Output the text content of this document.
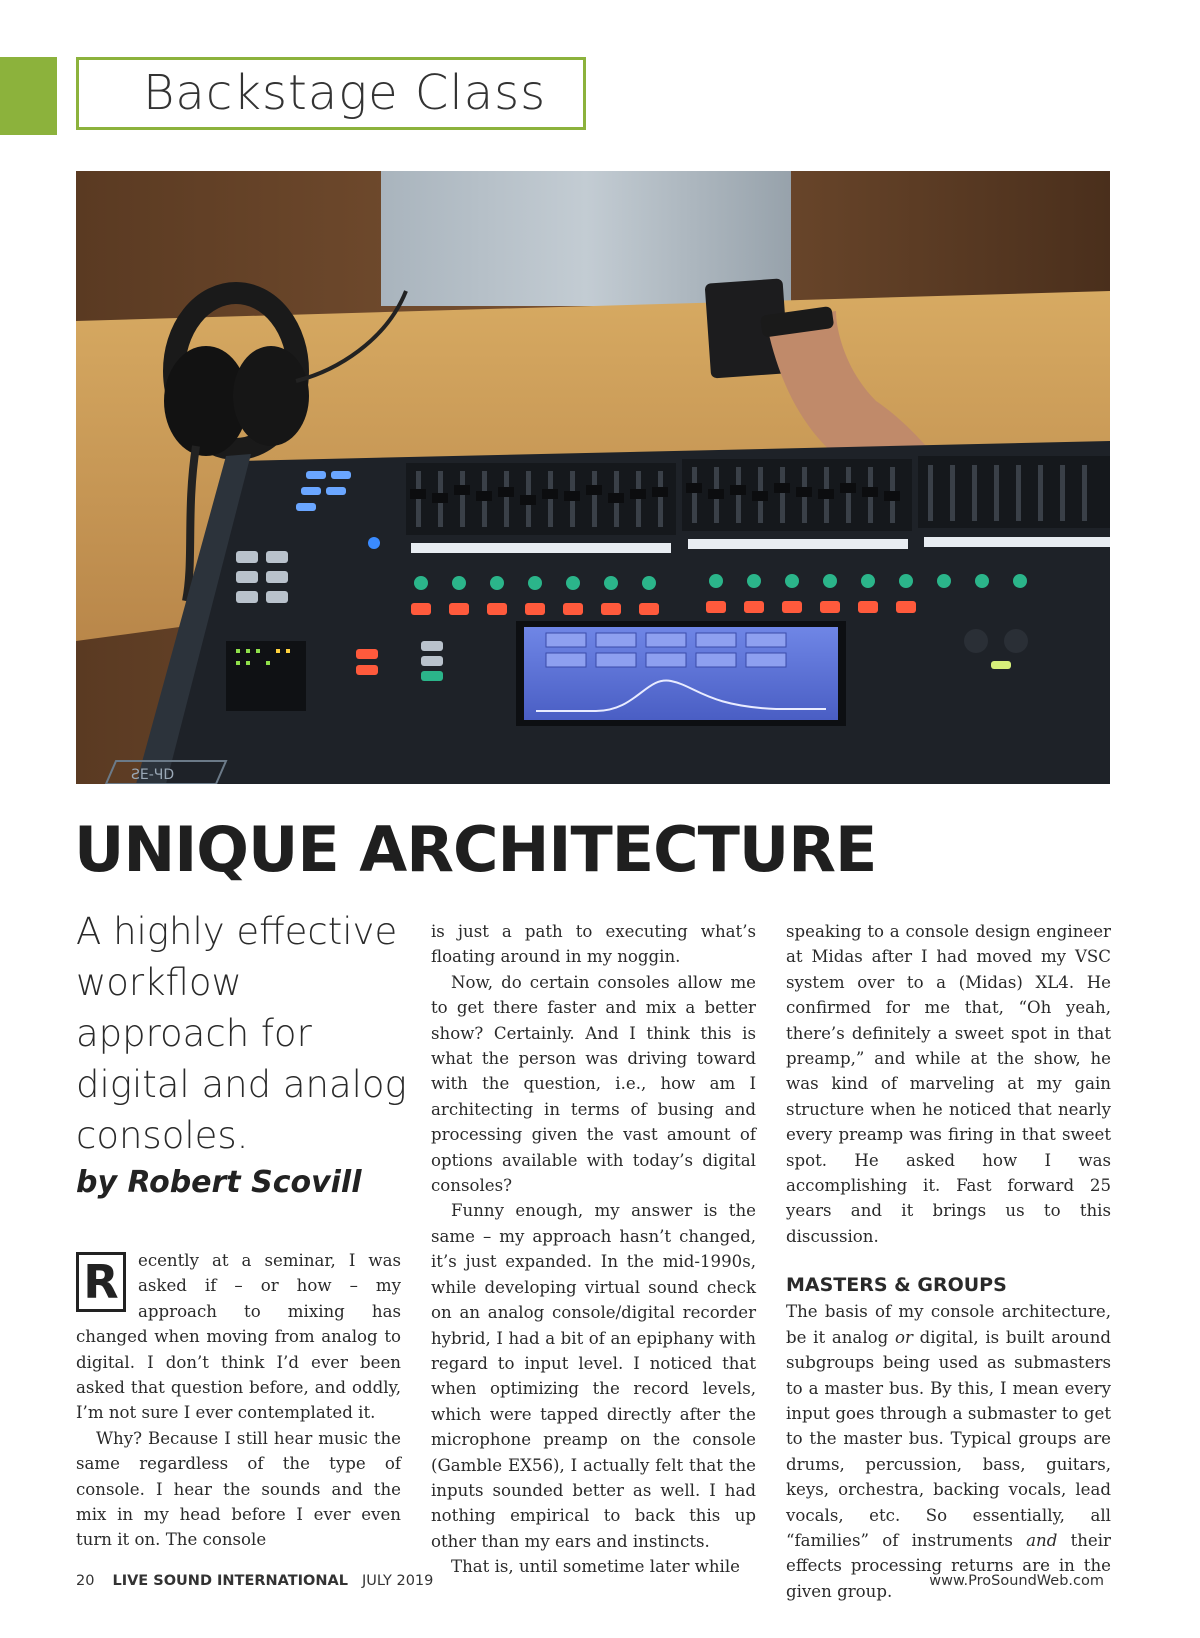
Backstage Class
ƧE-ЧD
UNIQUE ARCHITECTURE
A highly effective workflow approach for digital and analog consoles.
by Robert Scovill

R	ecently at a seminar, I was asked if – or how – my approach to mixing has changed when moving from analog to digital. I don’t think I’d ever been asked that question before, and oddly, I’m not sure I ever contemplated it.

Why? Because I still hear music the same regardless of the type of console. I hear the sounds and the mix in my head before I ever even turn it on. The console

is just a path to executing what’s floating around in my noggin.

Now, do certain consoles allow me to get there faster and mix a better show? Certainly. And I think this is what the person was driving toward with the question, i.e., how am I architecting in terms of busing and processing given the vast amount of options available with today’s digital consoles?

Funny enough, my answer is the same – my approach hasn’t changed, it’s just expanded. In the mid-1990s, while developing virtual sound check on an analog console/digital recorder hybrid, I had a bit of an epiphany with regard to input level. I noticed that when optimizing the record levels, which were tapped directly after the microphone preamp on the console (Gamble EX56), I actually felt that the inputs sounded better as well. I had nothing empirical to back this up other than my ears and instincts.

That is, until sometime later while

speaking to a console design engineer at Midas after I had moved my VSC system over to a (Midas) XL4. He confirmed for me that, “Oh yeah, there’s definitely a sweet spot in that preamp,” and while at the show, he was kind of marveling at my gain structure when he noticed that nearly every preamp was firing in that sweet spot. He asked how I was accomplishing it. Fast forward 25 years and it brings us to this discussion.

MASTERS & GROUPS

The basis of my console architecture, be it analog or digital, is built around subgroups being used as submasters to a master bus. By this, I mean every input goes through a submaster to get to the master bus. Typical groups are drums, percussion, bass, guitars, keys, orchestra, backing vocals, lead vocals, etc. So essentially, all “families” of instruments and their effects processing returns are in the given group.

20 LIVE SOUND INTERNATIONAL JULY 2019	www.ProSoundWeb.com
